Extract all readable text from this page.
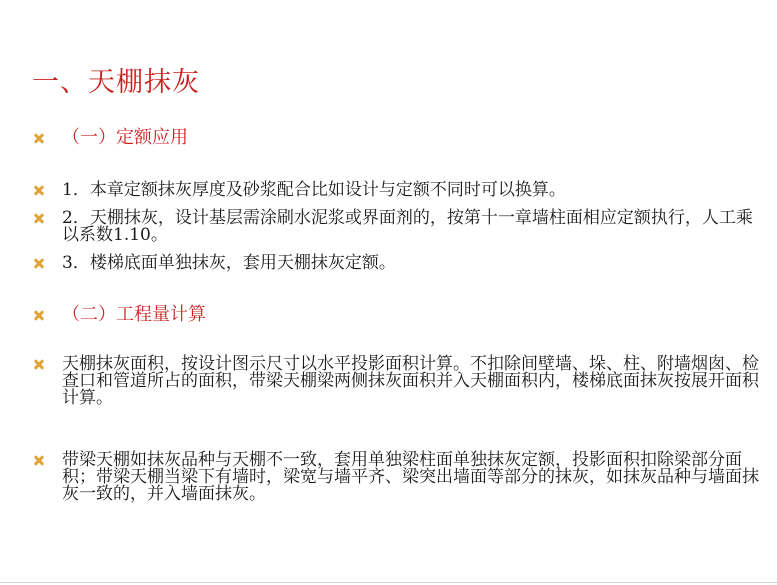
一、天棚抹灰
（一）定额应用
1．本章定额抹灰厚度及砂浆配合比如设计与定额不同时可以换算。
2．天棚抹灰，设计基层需涂刷水泥浆或界面剂的，按第十一章墙柱面相应定额执行，人工乘以系数1.10。
3．楼梯底面单独抹灰，套用天棚抹灰定额。
（二）工程量计算
天棚抹灰面积，按设计图示尺寸以水平投影面积计算。不扣除间壁墙、垛、柱、附墙烟囱、检查口和管道所占的面积，带梁天棚梁两侧抹灰面积并入天棚面积内，楼梯底面抹灰按展开面积计算。
带梁天棚如抹灰品种与天棚不一致，套用单独梁柱面单独抹灰定额，投影面积扣除梁部分面积；带梁天棚当梁下有墙时，梁宽与墙平齐、梁突出墙面等部分的抹灰，如抹灰品种与墙面抹灰一致的，并入墙面抹灰。
